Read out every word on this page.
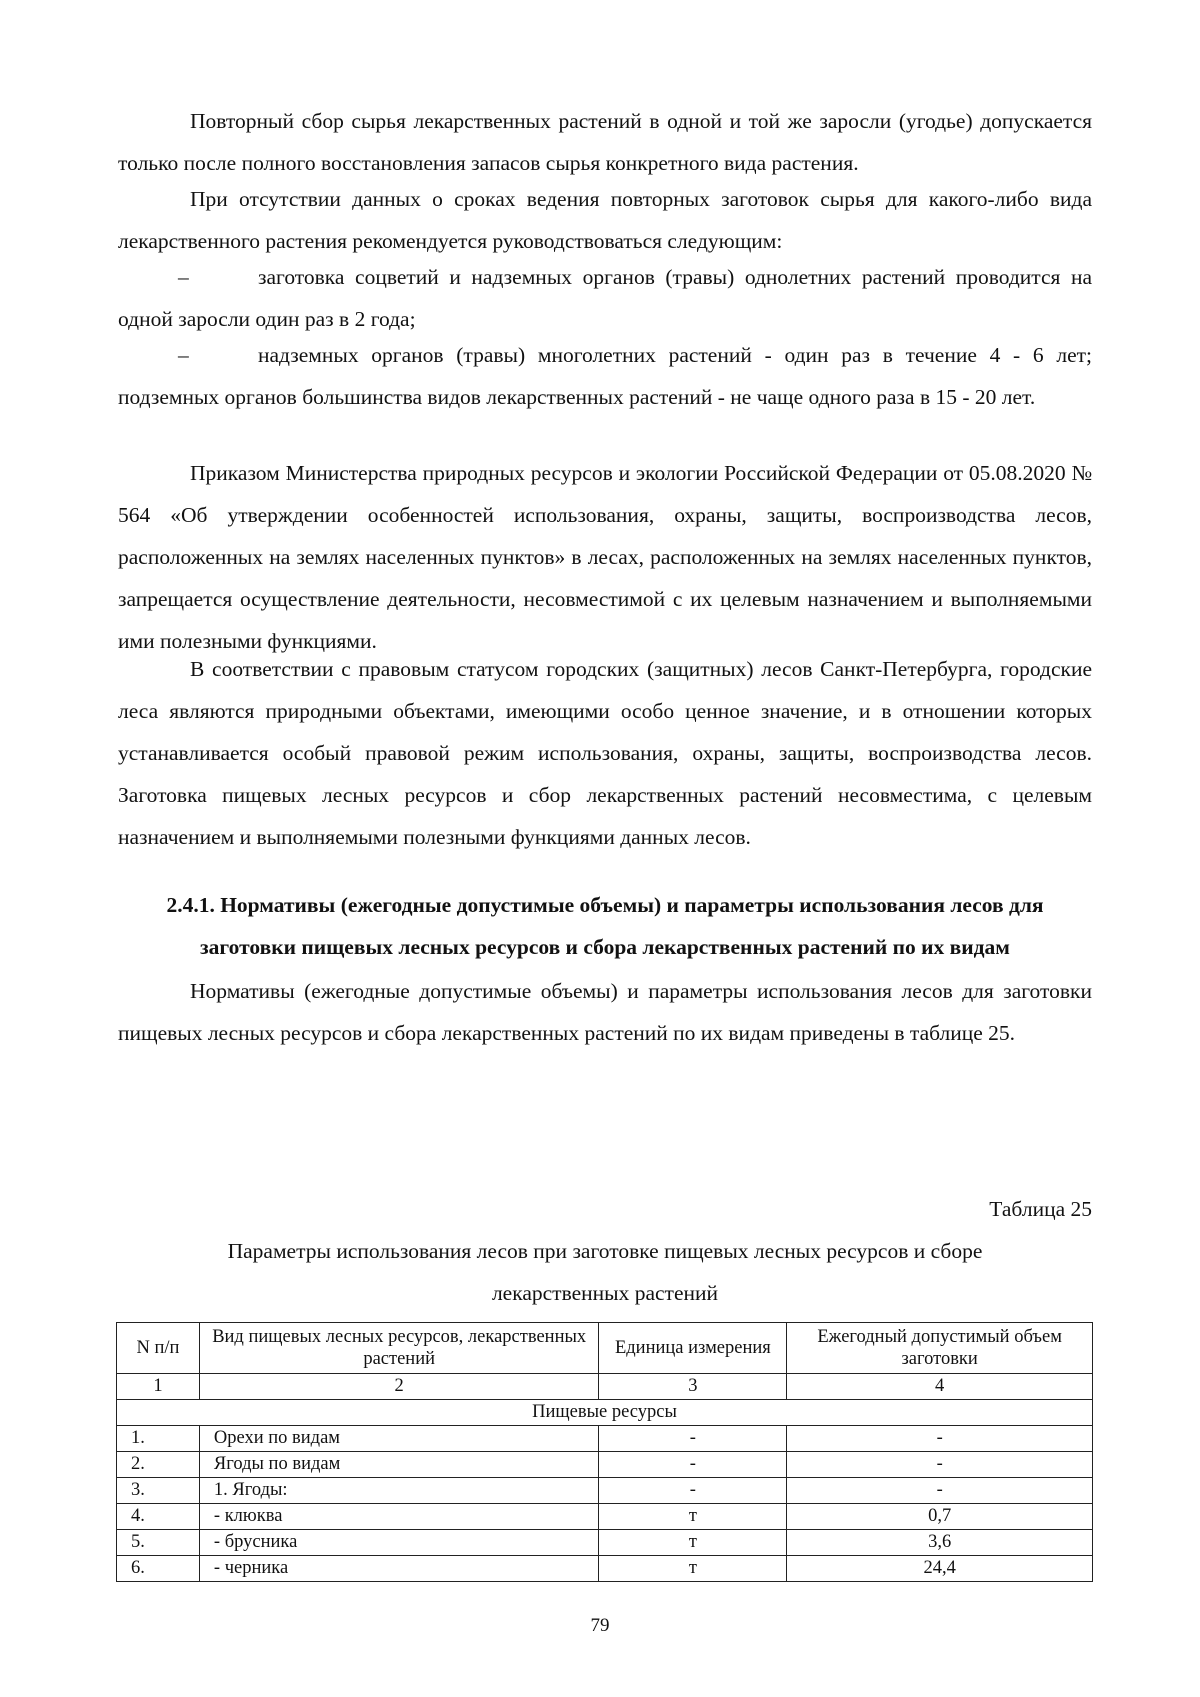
Повторный сбор сырья лекарственных растений в одной и той же заросли (угодье) допускается только после полного восстановления запасов сырья конкретного вида растения.

При отсутствии данных о сроках ведения повторных заготовок сырья для какого-либо вида лекарственного растения рекомендуется руководствоваться следующим:

–	заготовка соцветий и надземных органов (травы) однолетних растений проводится на одной заросли один раз в 2 года;

–	надземных органов (травы) многолетних растений - один раз в течение 4 - 6 лет; подземных органов большинства видов лекарственных растений - не чаще одного раза в 15 - 20 лет.

Приказом Министерства природных ресурсов и экологии Российской Федерации от 05.08.2020 № 564 «Об утверждении особенностей использования, охраны, защиты, воспроизводства лесов, расположенных на землях населенных пунктов» в лесах, расположенных на землях населенных пунктов, запрещается осуществление деятельности, несовместимой с их целевым назначением и выполняемыми ими полезными функциями.

В соответствии с правовым статусом городских (защитных) лесов Санкт-Петербурга, городские леса являются природными объектами, имеющими особо ценное значение, и в отношении которых устанавливается особый правовой режим использования, охраны, защиты, воспроизводства лесов. Заготовка пищевых лесных ресурсов и сбор лекарственных растений несовместима, с целевым назначением и выполняемыми полезными функциями данных лесов.

2.4.1. Нормативы (ежегодные допустимые объемы) и параметры использования лесов для заготовки пищевых лесных ресурсов и сбора лекарственных растений по их видам

Нормативы (ежегодные допустимые объемы) и параметры использования лесов для заготовки пищевых лесных ресурсов и сбора лекарственных растений по их видам приведены в таблице 25.

Таблица 25

Параметры использования лесов при заготовке пищевых лесных ресурсов и сборе лекарственных растений

N п/п	Вид пищевых лесных ресурсов, лекарственных растений	Единица измерения	Ежегодный допустимый объем заготовки
1	2	3	4
Пищевые ресурсы			
1.	Орехи по видам	-	-
2.	Ягоды по видам	-	-
3.	1. Ягоды:	-	-
4.	- клюква	т	0,7
5.	- брусника	т	3,6
6.	- черника	т	24,4

79
